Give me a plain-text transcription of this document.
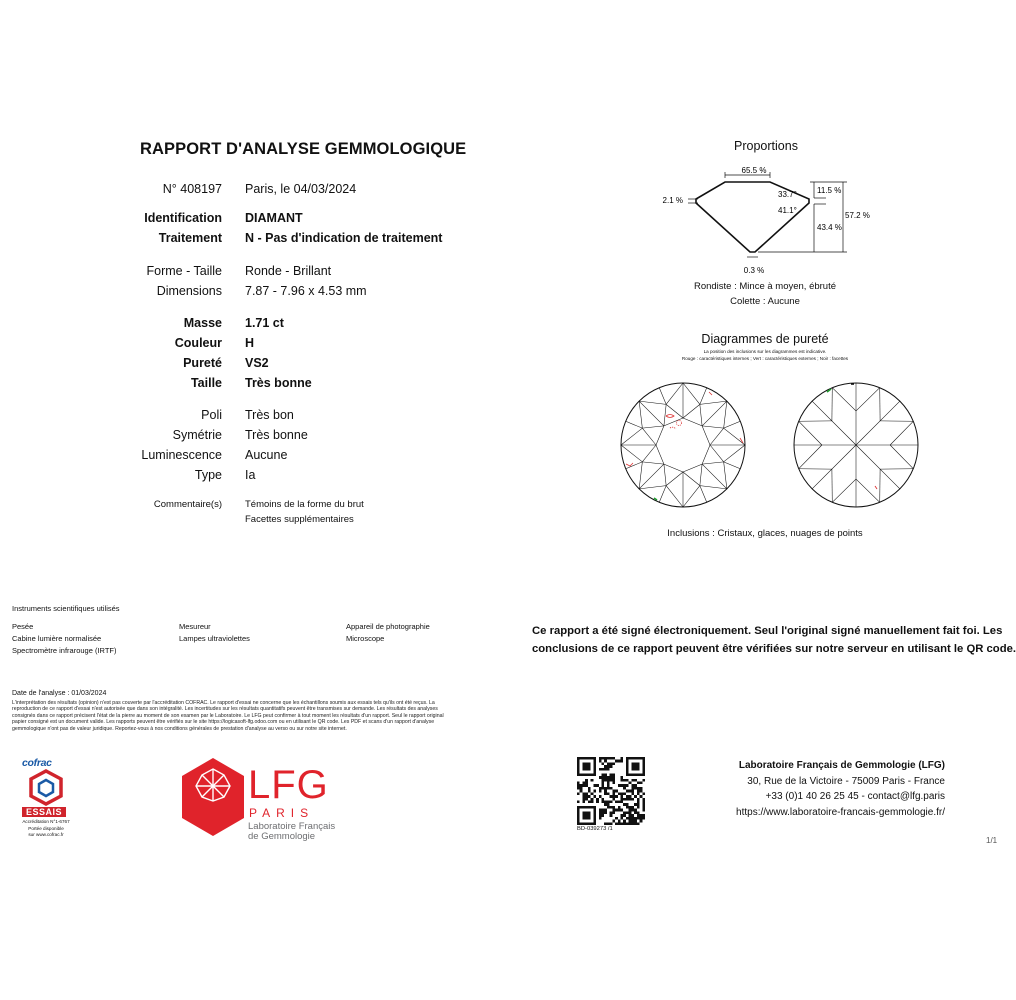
RAPPORT D'ANALYSE GEMMOLOGIQUE
N° 408197 Paris, le 04/03/2024
Identification DIAMANT
Traitement N - Pas d'indication de traitement
Forme - Taille Ronde - Brillant
Dimensions 7.87 - 7.96 x 4.53 mm
Masse 1.71 ct
Couleur H
Pureté VS2
Taille Très bonne
Poli Très bon
Symétrie Très bonne
Luminescence Aucune
Type Ia
Commentaire(s) Témoins de la forme du brut
Facettes supplémentaires
Proportions
65.5 %
2.1 %
33.7°
41.1°
11.5 %
57.2 %
43.4 %
0.3 %
Rondiste : Mince à moyen, ébruté
Colette : Aucune
Diagrammes de pureté
La position des inclusions sur les diagrammes est indicative.
Rouge : caractéristiques internes ; Vert : caractéristiques externes ; Noir : facettes
Inclusions : Cristaux, glaces, nuages de points
Instruments scientifiques utilisés
Pesée
Cabine lumière normalisée
Spectromètre infrarouge (IRTF)
Mesureur
Lampes ultraviolettes
Appareil de photographie
Microscope
Ce rapport a été signé électroniquement. Seul l'original signé manuellement fait foi. Les
conclusions de ce rapport peuvent être vérifiées sur notre serveur en utilisant le QR code.
Date de l'analyse : 01/03/2024
L'interprétation des résultats (opinion) n'est pas couverte par l'accréditation COFRAC. Le rapport d'essai ne concerne que les échantillons soumis aux essais tels qu'ils ont été reçus. La
reproduction de ce rapport d'essai n'est autorisée que dans son intégralité. Les incertitudes sur les résultats quantitatifs peuvent être transmises sur demande. Les résultats des analyses
consignés dans ce rapport précisent l'état de la pierre au moment de son examen par le Laboratoire. Le LFG peut confirmer à tout moment les résultats d'un rapport. Seul le rapport original
papier consigné est un document valide. Les rapports peuvent être vérifiés sur le site https://logicasoft-lfg.odoo.com ou en utilisant le QR code. Les PDF et scans d'un rapport d'analyse
gemmologique n'ont pas de valeur juridique. Reportez-vous à nos conditions générales de prestation d'analyse au verso ou sur notre site internet.
cofrac
ESSAIS
Accréditation N°1-6767
Portée disponible
sur www.cofrac.fr
LFG
PARIS
Laboratoire Français
de Gemmologie
BD-039273 /1
Laboratoire Français de Gemmologie (LFG)
30, Rue de la Victoire - 75009 Paris - France
+33 (0)1 40 26 25 45 - contact@lfg.paris
https://www.laboratoire-francais-gemmologie.fr/
1/1
